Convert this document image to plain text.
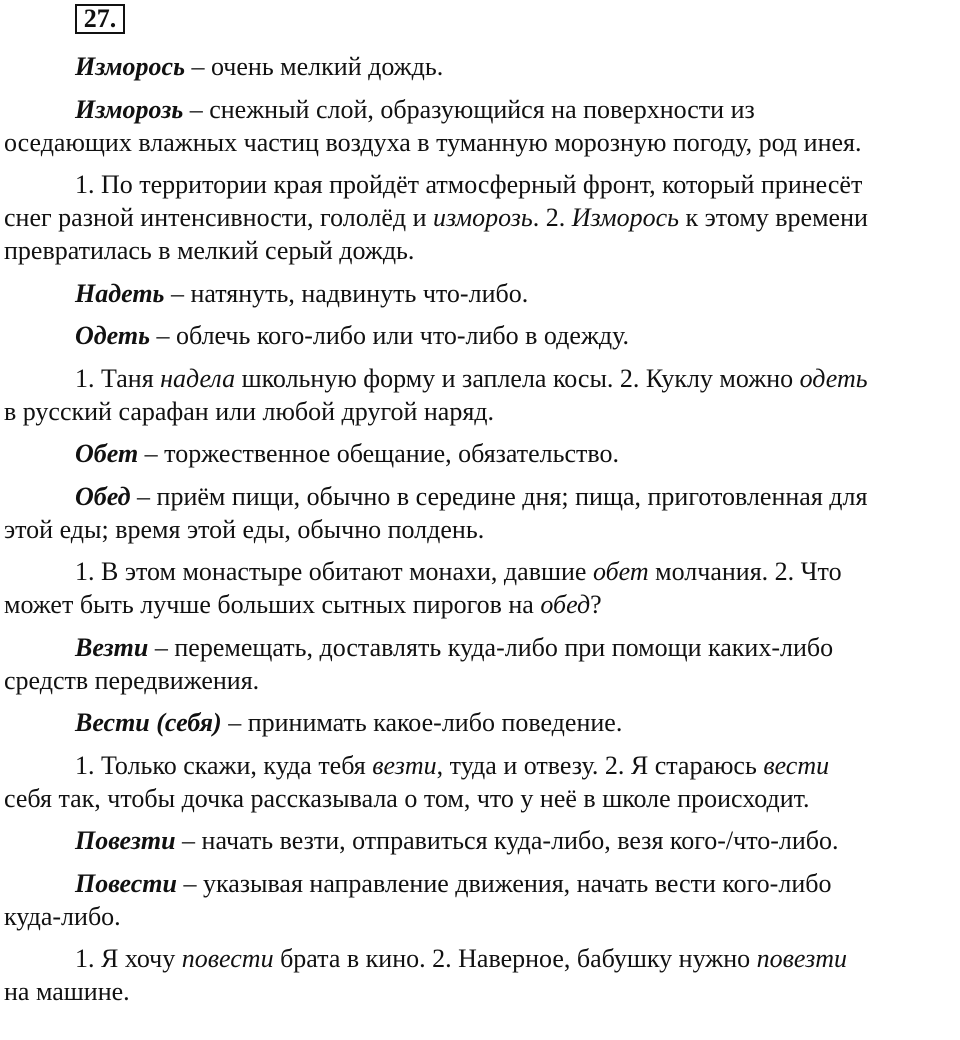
27.
Изморось – очень мелкий дождь.
Изморозь – снежный слой, образующийся на поверхности из
оседающих влажных частиц воздуха в туманную морозную погоду, род инея.
1. По территории края пройдёт атмосферный фронт, который принесёт
снег разной интенсивности, гололёд и изморозь. 2. Изморось к этому времени
превратилась в мелкий серый дождь.
Надеть – натянуть, надвинуть что-либо.
Одеть – облечь кого-либо или что-либо в одежду.
1. Таня надела школьную форму и заплела косы. 2. Куклу можно одеть
в русский сарафан или любой другой наряд.
Обет – торжественное обещание, обязательство.
Обед – приём пищи, обычно в середине дня; пища, приготовленная для
этой еды; время этой еды, обычно полдень.
1. В этом монастыре обитают монахи, давшие обет молчания. 2. Что
может быть лучше больших сытных пирогов на обед?
Везти – перемещать, доставлять куда-либо при помощи каких-либо
средств передвижения.
Вести (себя) – принимать какое-либо поведение.
1. Только скажи, куда тебя везти, туда и отвезу. 2. Я стараюсь вести
себя так, чтобы дочка рассказывала о том, что у неё в школе происходит.
Повезти – начать везти, отправиться куда-либо, везя кого-/что-либо.
Повести – указывая направление движения, начать вести кого-либо
куда-либо.
1. Я хочу повести брата в кино. 2. Наверное, бабушку нужно повезти
на машине.
